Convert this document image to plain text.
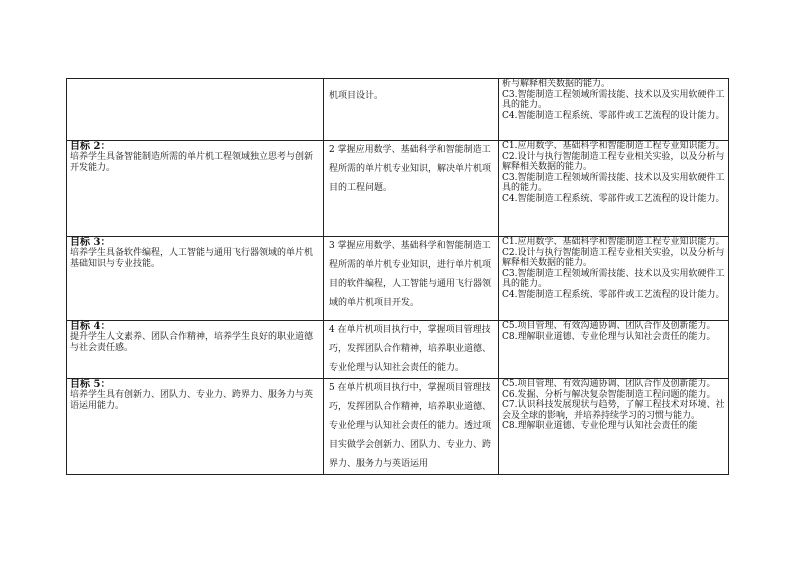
	机项目设计。	析与解释相关数据的能力。
C3.智能制造工程领域所需技能、技术以及实用软硬件工具的能力。
C4.智能制造工程系统、零部件或工艺流程的设计能力。

目标 2：
培养学生具备智能制造所需的单片机工程领域独立思考与创新开发能力。	2 掌握应用数学、基础科学和智能制造工程所需的单片机专业知识，解决单片机项目的工程问题。	C1.应用数学、基础科学和智能制造工程专业知识能力。
C2.设计与执行智能制造工程专业相关实验，以及分析与解释相关数据的能力。
C3.智能制造工程领域所需技能、技术以及实用软硬件工具的能力。
C4.智能制造工程系统、零部件或工艺流程的设计能力。

目标 3：
培养学生具备软件编程，人工智能与通用飞行器领域的单片机基础知识与专业技能。	3 掌握应用数学、基础科学和智能制造工程所需的单片机专业知识，进行单片机项目的软件编程，人工智能与通用飞行器领域的单片机项目开发。	C1.应用数学、基础科学和智能制造工程专业知识能力。
C2.设计与执行智能制造工程专业相关实验，以及分析与解释相关数据的能力。
C3.智能制造工程领域所需技能、技术以及实用软硬件工具的能力。
C4.智能制造工程系统、零部件或工艺流程的设计能力。

目标 4：
提升学生人文素养、团队合作精神，培养学生良好的职业道德与社会责任感。	4 在单片机项目执行中，掌握项目管理技巧，发挥团队合作精神，培养职业道德、专业伦理与认知社会责任的能力。	C5.项目管理、有效沟通协调、团队合作及创新能力。
C8.理解职业道德、专业伦理与认知社会责任的能力。

目标 5：
培养学生具有创新力、团队力、专业力、跨界力、服务力与英语运用能力。	5 在单片机项目执行中，掌握项目管理技巧，发挥团队合作精神，培养职业道德、专业伦理与认知社会责任的能力。透过项目实做学会创新力、团队力、专业力、跨界力、服务力与英语运用	C5.项目管理、有效沟通协调、团队合作及创新能力。
C6.发掘、分析与解决复杂智能制造工程问题的能力。
C7.认识科技发展现状与趋势，了解工程技术对环境、社会及全球的影响，并培养持续学习的习惯与能力。
C8.理解职业道德、专业伦理与认知社会责任的能
